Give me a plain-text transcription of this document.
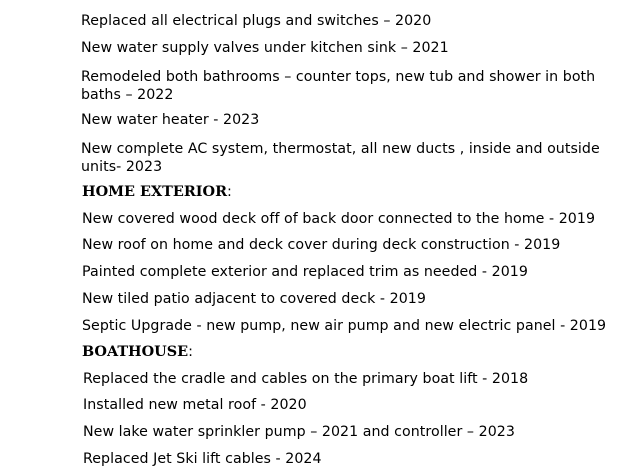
Replaced all electrical plugs and switches – 2020
New water supply valves under kitchen sink – 2021
Remodeled both bathrooms – counter tops, new tub and shower in both baths – 2022
New water heater - 2023
New complete AC system, thermostat, all new ducts , inside and outside units- 2023
HOME EXTERIOR:
New covered wood deck off of back door connected to the home - 2019
New roof on home and deck cover during deck construction - 2019
Painted complete exterior and replaced trim as needed - 2019
New tiled patio adjacent to covered deck - 2019
Septic Upgrade - new pump, new air pump and new electric panel - 2019
BOATHOUSE:
Replaced the cradle and cables on the primary boat lift - 2018
Installed new metal roof - 2020
New lake water sprinkler pump – 2021 and controller – 2023
Replaced Jet Ski lift cables - 2024
